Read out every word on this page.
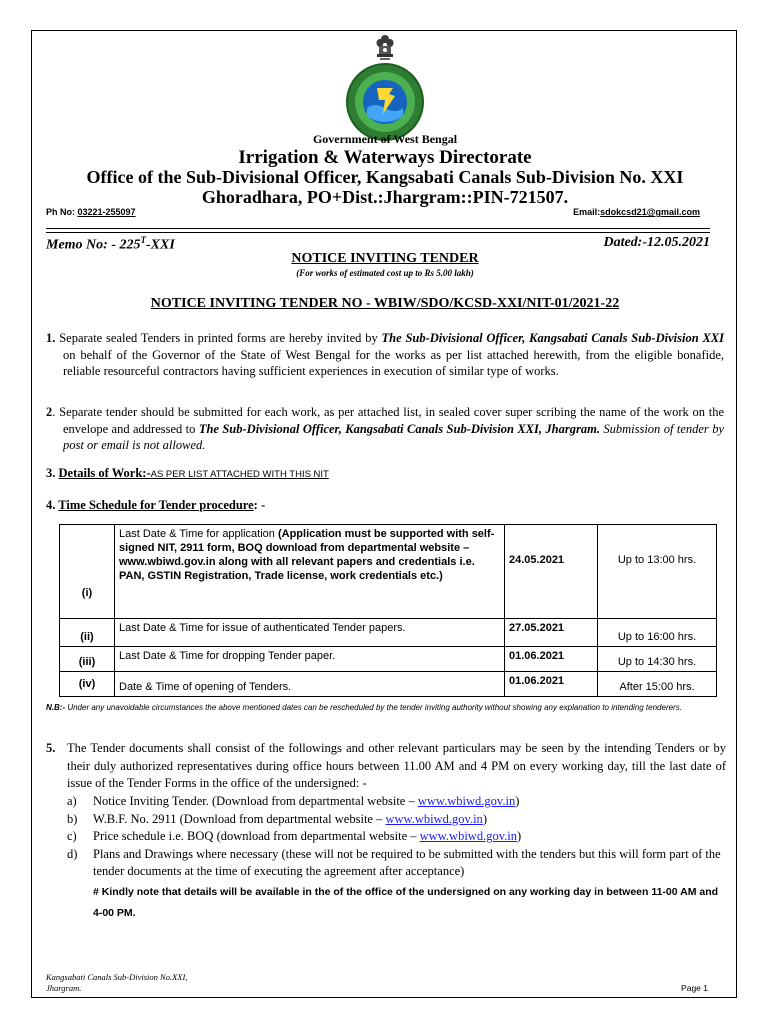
Government of West Bengal
Irrigation & Waterways Directorate
Office of the Sub-Divisional Officer, Kangsabati Canals Sub-Division No. XXI
Ghoradhara, PO+Dist.:Jhargram::PIN-721507.
Ph No: 03221-255097	Email:sdokcsd21@gmail.com
Memo No: - $225^T$-XXI	Dated:-12.05.2021
NOTICE INVITING TENDER
(For works of estimated cost up to Rs 5.00 lakh)
NOTICE INVITING TENDER NO - WBIW/SDO/KCSD-XXI/NIT-01/2021-22
1. Separate sealed Tenders in printed forms are hereby invited by The Sub-Divisional Officer, Kangsabati Canals Sub-Division XXI on behalf of the Governor of the State of West Bengal for the works as per list attached herewith, from the eligible bonafide, reliable resourceful contractors having sufficient experiences in execution of similar type of works.
2. Separate tender should be submitted for each work, as per attached list, in sealed cover super scribing the name of the work on the envelope and addressed to The Sub-Divisional Officer, Kangsabati Canals Sub-Division XXI, Jhargram. Submission of tender by post or email is not allowed.
3. Details of Work:-AS PER LIST ATTACHED WITH THIS NIT
4. Time Schedule for Tender procedure: -
(i)	Last Date & Time for application (Application must be supported with self-signed NIT, 2911 form, BOQ download from departmental website – www.wbiwd.gov.in along with all relevant papers and credentials i.e. PAN, GSTIN Registration, Trade license, work credentials etc.)	24.05.2021	Up to 13:00 hrs.
(ii)	Last Date & Time for issue of authenticated Tender papers.	27.05.2021	Up to 16:00 hrs.
(iii)	Last Date & Time for dropping Tender paper.	01.06.2021	Up to 14:30 hrs.
(iv)	Date & Time of opening of Tenders.	01.06.2021	After 15:00 hrs.
N.B:- Under any unavoidable circumstances the above mentioned dates can be rescheduled by the tender inviting authority without showing any explanation to intending tenderers.
5. The Tender documents shall consist of the followings and other relevant particulars may be seen by the intending Tenders or by their duly authorized representatives during office hours between 11.00 AM and 4 PM on every working day, till the last date of issue of the Tender Forms in the office of the undersigned: -
a) Notice Inviting Tender. (Download from departmental website – www.wbiwd.gov.in)
b) W.B.F. No. 2911 (Download from departmental website – www.wbiwd.gov.in)
c) Price schedule i.e. BOQ (download from departmental website – www.wbiwd.gov.in)
d) Plans and Drawings where necessary (these will not be required to be submitted with the tenders but this will form part of the tender documents at the time of executing the agreement after acceptance)
# Kindly note that details will be available in the of the office of the undersigned on any working day in between 11-00 AM and 4-00 PM.
Kangsabati Canals Sub-Division No.XXI,
Jhargram.	Page 1
